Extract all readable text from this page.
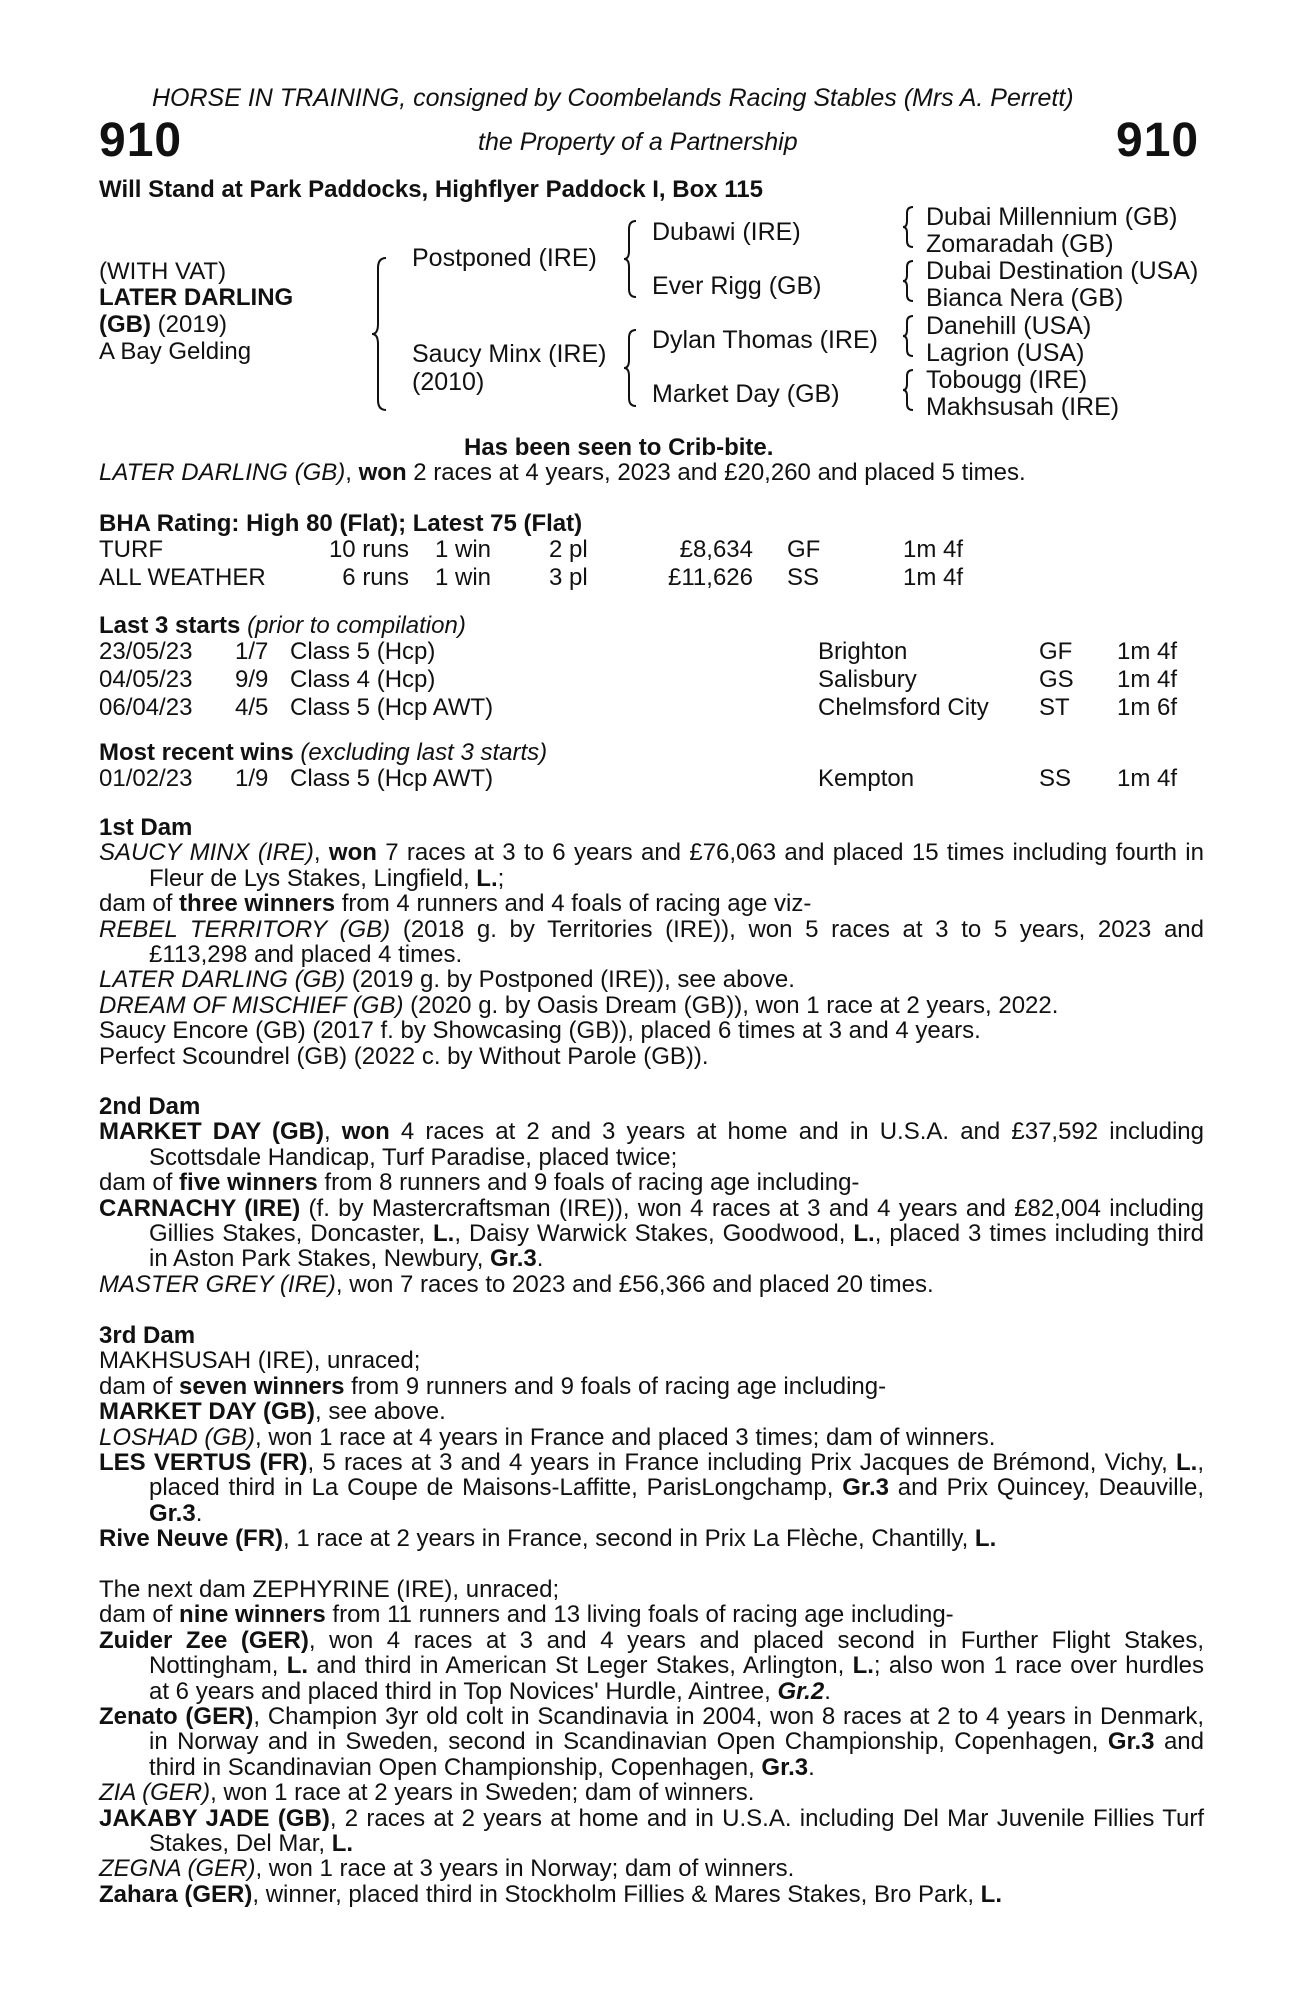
HORSE IN TRAINING, consigned by Coombelands Racing Stables (Mrs A. Perrett)
910	the Property of a Partnership	910
Will Stand at Park Paddocks, Highflyer Paddock I, Box 115
(WITH VAT)
LATER DARLING
(GB) (2019)
A Bay Gelding
Postponed (IRE)
Saucy Minx (IRE)
(2010)
Dubawi (IRE)
Ever Rigg (GB)
Dylan Thomas (IRE)
Market Day (GB)
Dubai Millennium (GB)
Zomaradah (GB)
Dubai Destination (USA)
Bianca Nera (GB)
Danehill (USA)
Lagrion (USA)
Tobougg (IRE)
Makhsusah (IRE)
Has been seen to Crib-bite.
LATER DARLING (GB), won 2 races at 4 years, 2023 and £20,260 and placed 5 times.
BHA Rating: High 80 (Flat); Latest 75 (Flat)
TURF	10 runs	1 win	2 pl	£8,634	GF	1m 4f
ALL WEATHER	6 runs	1 win	3 pl	£11,626	SS	1m 4f
Last 3 starts (prior to compilation)
23/05/23	1/7	Class 5 (Hcp)	Brighton	GF	1m 4f
04/05/23	9/9	Class 4 (Hcp)	Salisbury	GS	1m 4f
06/04/23	4/5	Class 5 (Hcp AWT)	Chelmsford City	ST	1m 6f
Most recent wins (excluding last 3 starts)
01/02/23	1/9	Class 5 (Hcp AWT)	Kempton	SS	1m 4f

1st Dam

SAUCY MINX (IRE), won 7 races at 3 to 6 years and £76,063 and placed 15 times including fourth in Fleur de Lys Stakes, Lingfield, L.;

dam of three winners from 4 runners and 4 foals of racing age viz-

REBEL TERRITORY (GB) (2018 g. by Territories (IRE)), won 5 races at 3 to 5 years, 2023 and £113,298 and placed 4 times.

LATER DARLING (GB) (2019 g. by Postponed (IRE)), see above.

DREAM OF MISCHIEF (GB) (2020 g. by Oasis Dream (GB)), won 1 race at 2 years, 2022.

Saucy Encore (GB) (2017 f. by Showcasing (GB)), placed 6 times at 3 and 4 years.

Perfect Scoundrel (GB) (2022 c. by Without Parole (GB)).

2nd Dam

MARKET DAY (GB), won 4 races at 2 and 3 years at home and in U.S.A. and £37,592 including Scottsdale Handicap, Turf Paradise, placed twice;

dam of five winners from 8 runners and 9 foals of racing age including-

CARNACHY (IRE) (f. by Mastercraftsman (IRE)), won 4 races at 3 and 4 years and £82,004 including Gillies Stakes, Doncaster, L., Daisy Warwick Stakes, Goodwood, L., placed 3 times including third in Aston Park Stakes, Newbury, Gr.3.

MASTER GREY (IRE), won 7 races to 2023 and £56,366 and placed 20 times.

3rd Dam

MAKHSUSAH (IRE), unraced;

dam of seven winners from 9 runners and 9 foals of racing age including-

MARKET DAY (GB), see above.

LOSHAD (GB), won 1 race at 4 years in France and placed 3 times; dam of winners.

LES VERTUS (FR), 5 races at 3 and 4 years in France including Prix Jacques de Brémond, Vichy, L., placed third in La Coupe de Maisons-Laffitte, ParisLongchamp, Gr.3 and Prix Quincey, Deauville, Gr.3.

Rive Neuve (FR), 1 race at 2 years in France, second in Prix La Flèche, Chantilly, L.

The next dam ZEPHYRINE (IRE), unraced;

dam of nine winners from 11 runners and 13 living foals of racing age including-

Zuider Zee (GER), won 4 races at 3 and 4 years and placed second in Further Flight Stakes, Nottingham, L. and third in American St Leger Stakes, Arlington, L.; also won 1 race over hurdles at 6 years and placed third in Top Novices' Hurdle, Aintree, Gr.2.

Zenato (GER), Champion 3yr old colt in Scandinavia in 2004, won 8 races at 2 to 4 years in Denmark, in Norway and in Sweden, second in Scandinavian Open Championship, Copenhagen, Gr.3 and third in Scandinavian Open Championship, Copenhagen, Gr.3.

ZIA (GER), won 1 race at 2 years in Sweden; dam of winners.

JAKABY JADE (GB), 2 races at 2 years at home and in U.S.A. including Del Mar Juvenile Fillies Turf Stakes, Del Mar, L.

ZEGNA (GER), won 1 race at 3 years in Norway; dam of winners.

Zahara (GER), winner, placed third in Stockholm Fillies & Mares Stakes, Bro Park, L.
